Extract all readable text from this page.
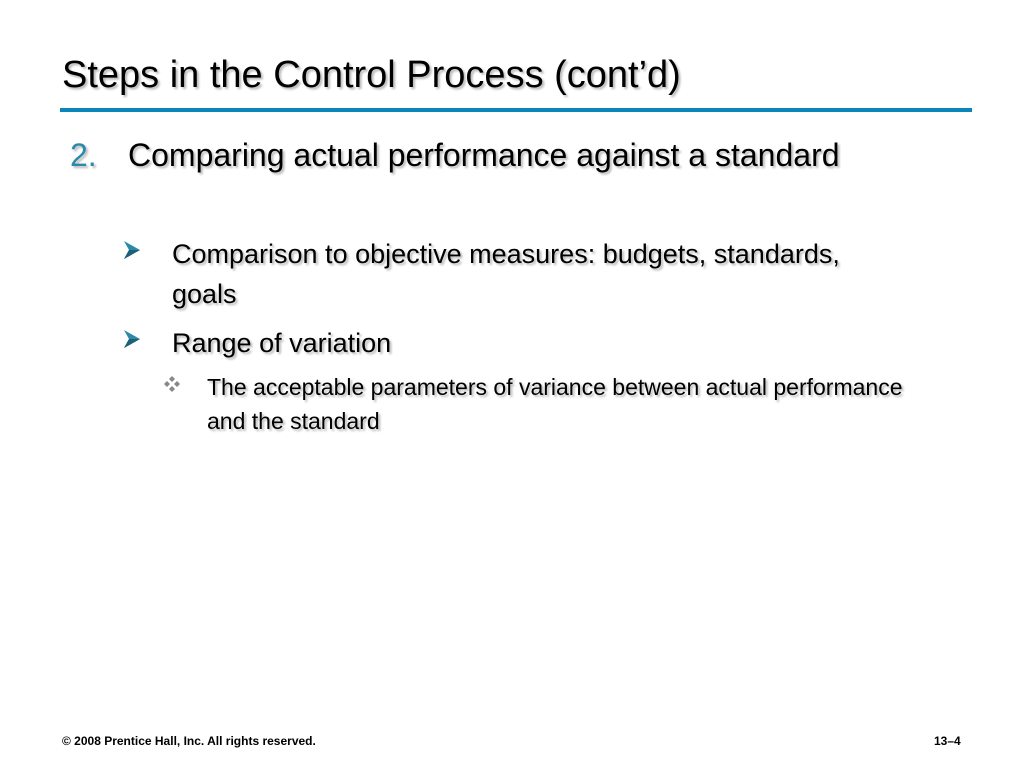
Steps in the Control Process (cont’d)
2. Comparing actual performance against a standard
Comparison to objective measures: budgets, standards, goals
Range of variation
The acceptable parameters of variance between actual performance and the standard
© 2008 Prentice Hall, Inc. All rights reserved.	13–4
